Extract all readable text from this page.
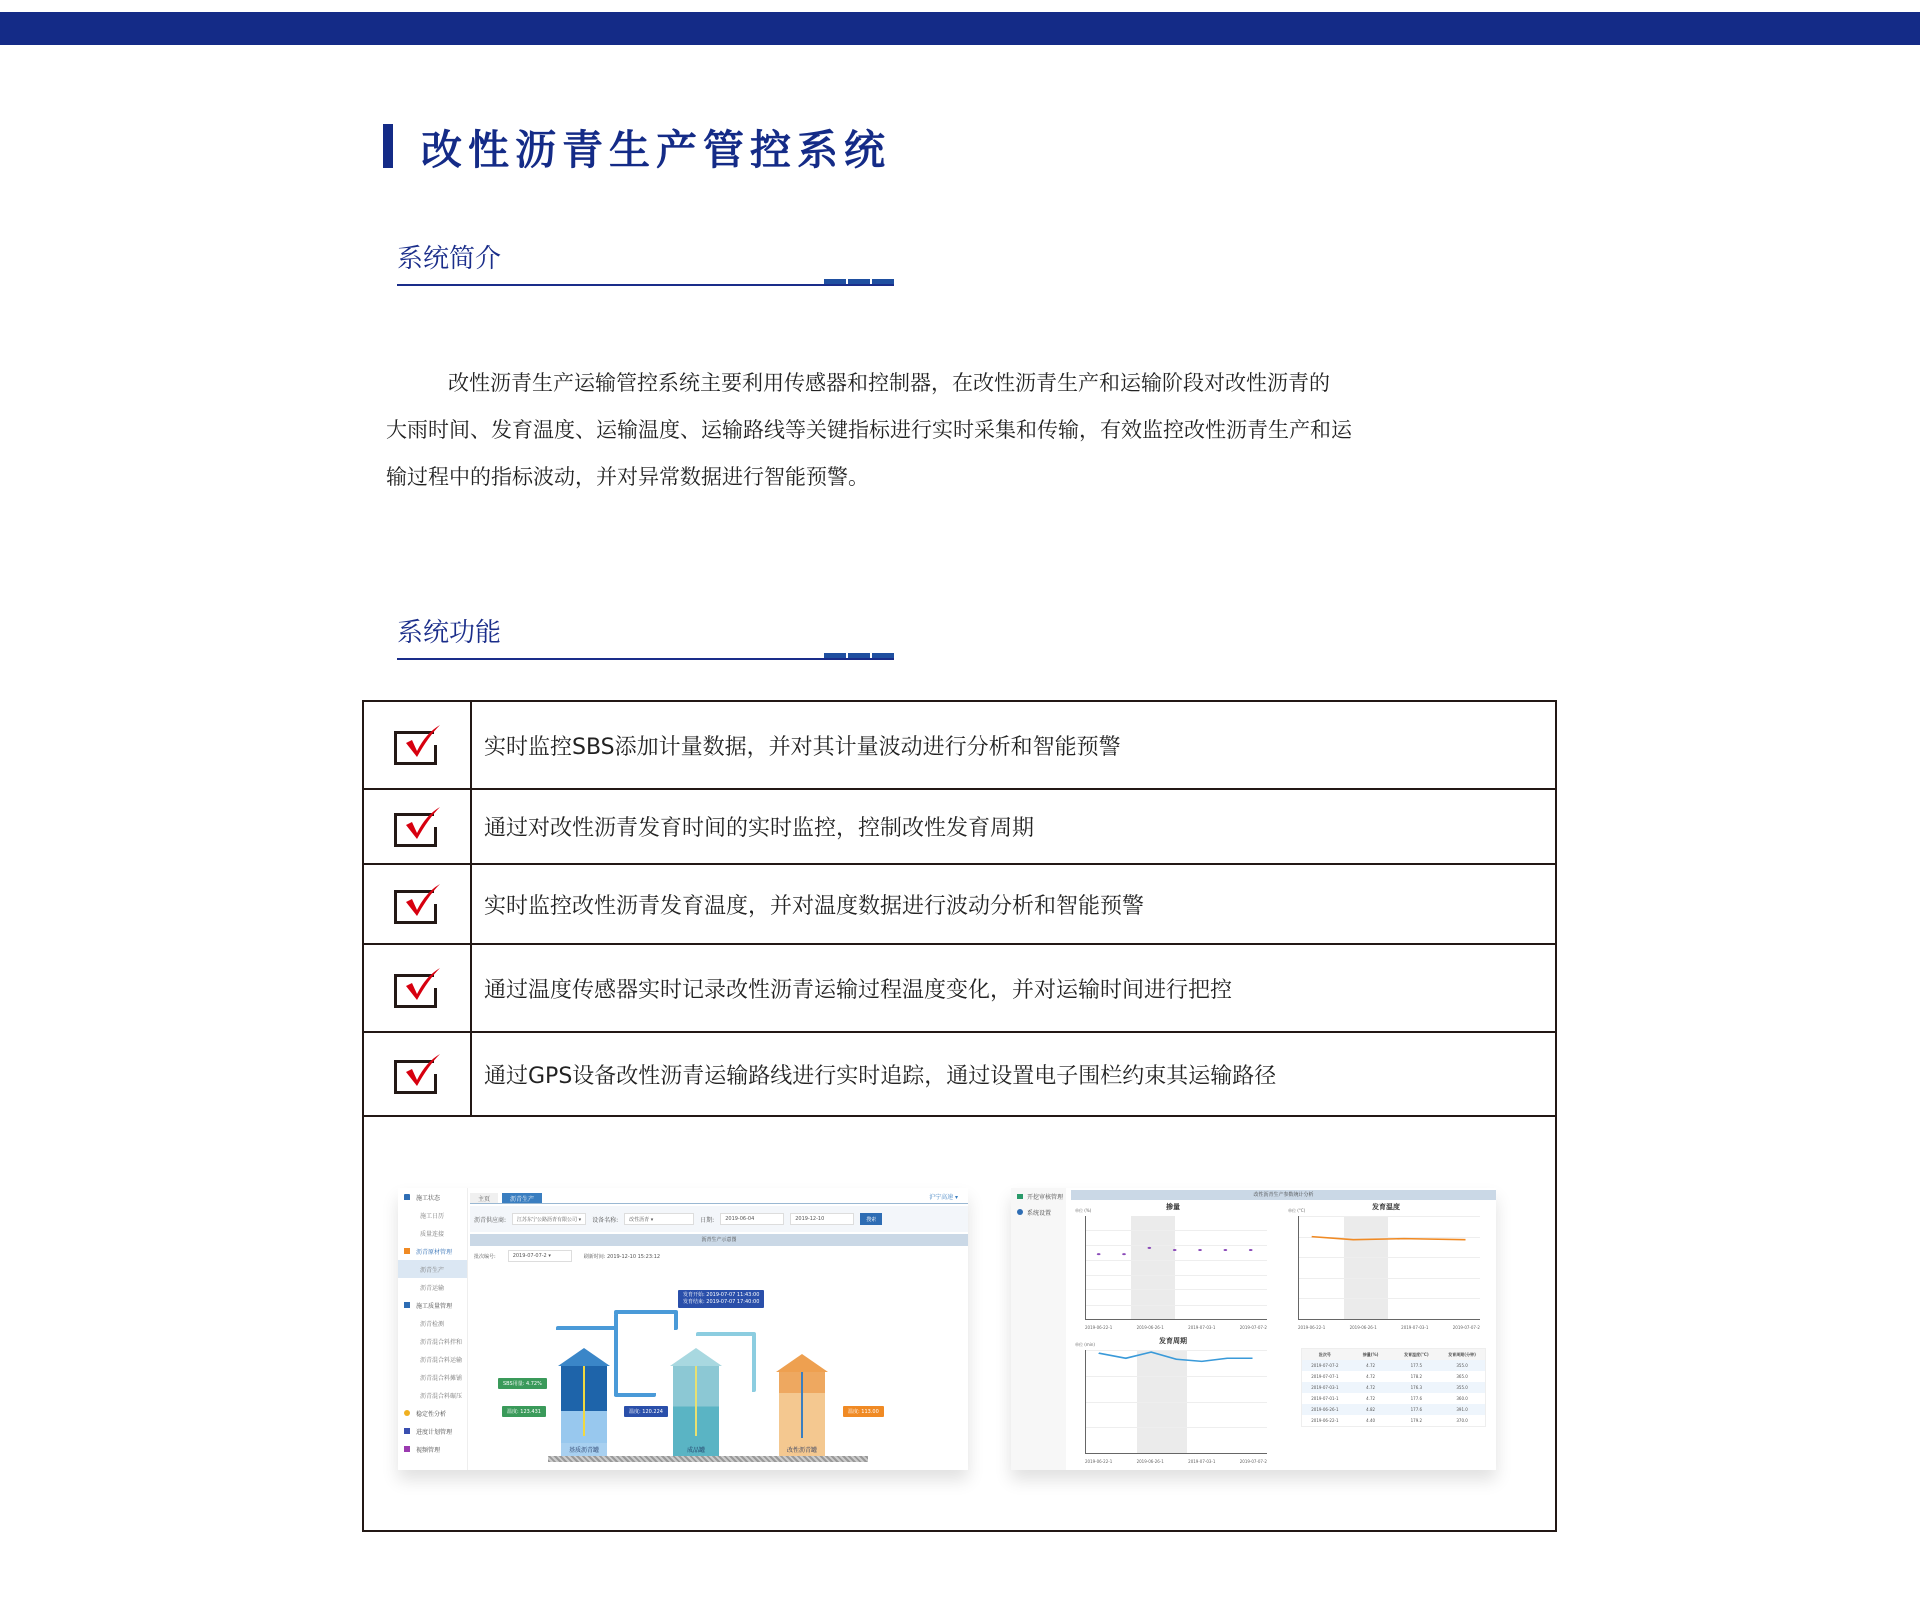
改性沥青生产管控系统
系统简介
改性沥青生产运输管控系统主要利用传感器和控制器，在改性沥青生产和运输阶段对改性沥青的
大雨时间、发育温度、运输温度、运输路线等关键指标进行实时采集和传输，有效监控改性沥青生产和运
输过程中的指标波动，并对异常数据进行智能预警。
系统功能
实时监控SBS添加计量数据，并对其计量波动进行分析和智能预警
通过对改性沥青发育时间的实时监控，控制改性发育周期
实时监控改性沥青发育温度，并对温度数据进行波动分析和智能预警
通过温度传感器实时记录改性沥青运输过程温度变化，并对运输时间进行把控
通过GPS设备改性沥青运输路线进行实时追踪，通过设置电子围栏约束其运输路径
施工状态
施工日历
质量连接
沥青原材管理
沥青生产
沥青运输
施工质量管理
沥青检测
沥青混合料拌和
沥青混合料运输
沥青混合料摊铺
沥青混合料碾压
稳定性分析
进度计划管理
视频管理
主页	沥青生产	沪宁高速 ▾
沥青供应商:	江苏东宁公路沥青有限公司 ▾	设备名称:	改性沥青 ▾	日期:	2019-06-04	2019-12-10	搜索
沥青生产示意图
批次编号:	2019-07-07-2 ▾	刷新时间: 2019-12-10 15:23:12
基质沥青罐	成品罐	改性沥青罐
SBS用量: 4.72%
温度: 123.431	温度: 120.224	温度: 113.00
发育开始: 2019-07-07 11:43:00
发育结束: 2019-07-07 17:40:00
开挖审核管理
系统设置
改性沥青生产参数统计分析
掺量
单位 (%)
2019-06-22-1	2019-06-26-1	2019-07-03-1	2019-07-07-2
发育温度
单位 (°C)
2019-06-22-1	2019-06-26-1	2019-07-03-1	2019-07-07-2
发育周期
单位 (min)
2019-06-22-1	2019-06-26-1	2019-07-03-1	2019-07-07-2
批次号	掺量(%)	发育温度(°C)	发育周期(分钟)
2019-07-07-2	4.72	177.5	355.0
2019-07-07-1	4.72	178.2	365.0
2019-07-03-1	4.72	176.3	355.0
2019-07-01-1	4.72	177.6	360.0
2019-06-26-1	4.82	177.6	391.0
2019-06-22-1	4.40	179.2	370.0
